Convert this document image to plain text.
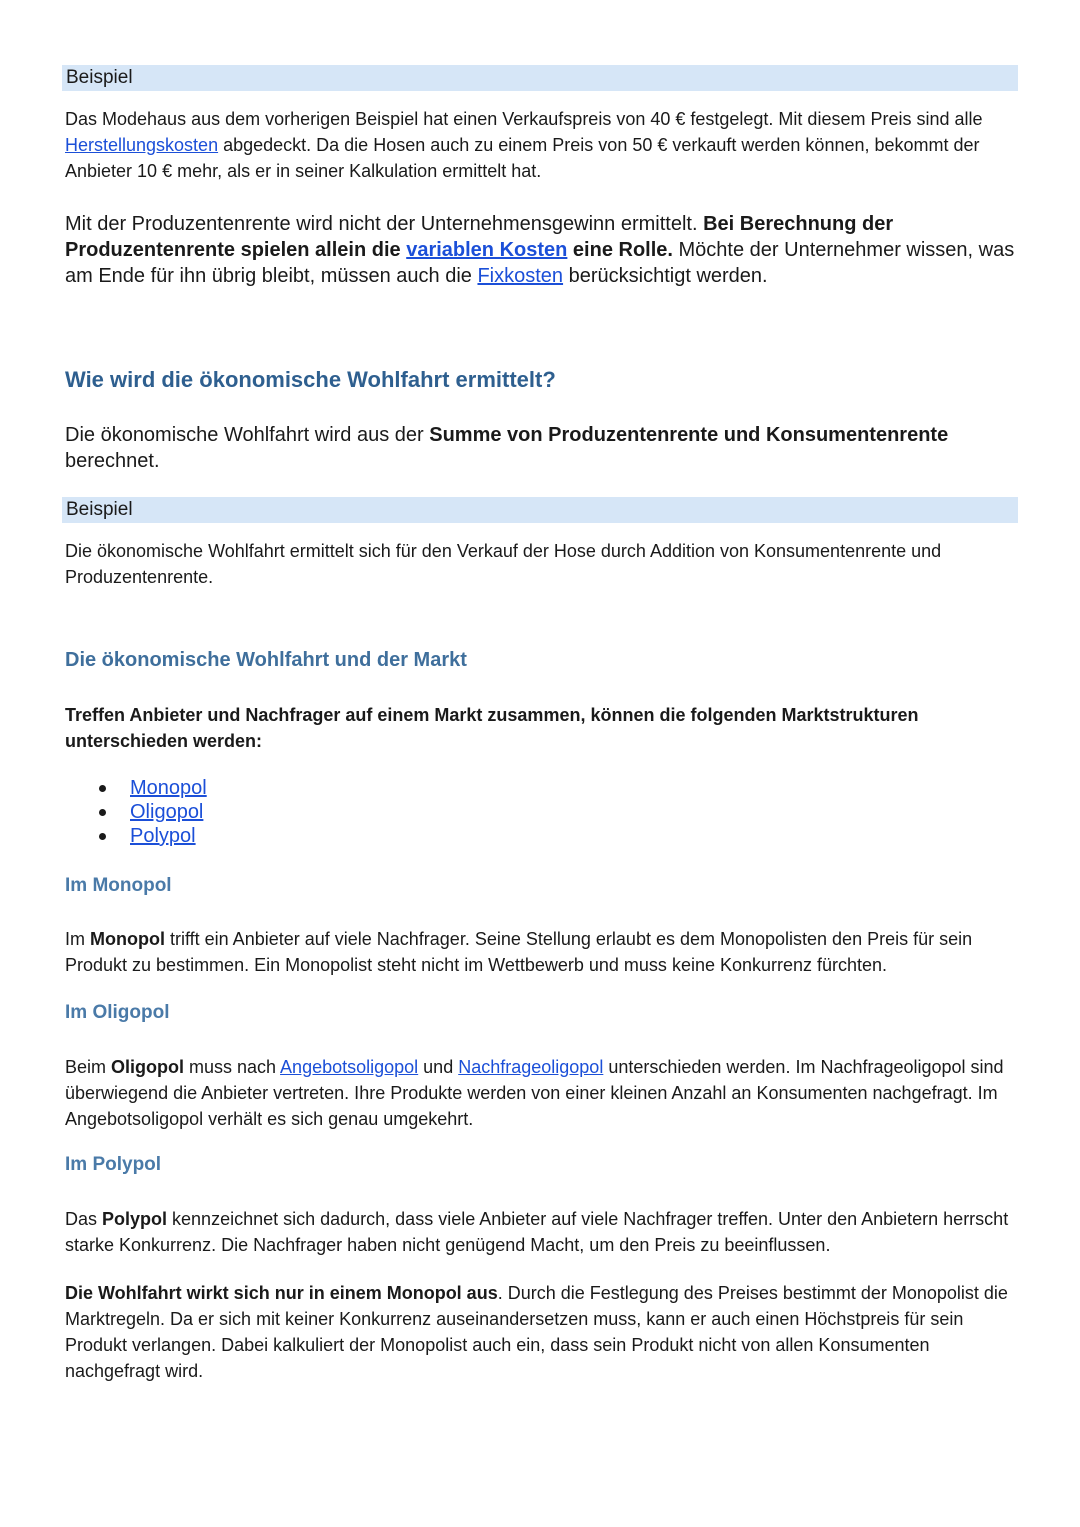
Beispiel

Das Modehaus aus dem vorherigen Beispiel hat einen Verkaufspreis von 40 € festgelegt. Mit diesem Preis sind alle Herstellungskosten abgedeckt. Da die Hosen auch zu einem Preis von 50 € verkauft werden können, bekommt der Anbieter 10 € mehr, als er in seiner Kalkulation ermittelt hat.

Mit der Produzentenrente wird nicht der Unternehmensgewinn ermittelt. Bei Berechnung der Produzentenrente spielen allein die variablen Kosten eine Rolle. Möchte der Unternehmer wissen, was am Ende für ihn übrig bleibt, müssen auch die Fixkosten berücksichtigt werden.

Wie wird die ökonomische Wohlfahrt ermittelt?

Die ökonomische Wohlfahrt wird aus der Summe von Produzentenrente und Konsumentenrente berechnet.

Beispiel

Die ökonomische Wohlfahrt ermittelt sich für den Verkauf der Hose durch Addition von Konsumentenrente und Produzentenrente.

Die ökonomische Wohlfahrt und der Markt

Treffen Anbieter und Nachfrager auf einem Markt zusammen, können die folgenden Marktstrukturen unterschieden werden:

Monopol
Oligopol
Polypol
Im Monopol

Im Monopol trifft ein Anbieter auf viele Nachfrager. Seine Stellung erlaubt es dem Monopolisten den Preis für sein Produkt zu bestimmen. Ein Monopolist steht nicht im Wettbewerb und muss keine Konkurrenz fürchten.

Im Oligopol

Beim Oligopol muss nach Angebotsoligopol und Nachfrageoligopol unterschieden werden. Im Nachfrageoligopol sind überwiegend die Anbieter vertreten. Ihre Produkte werden von einer kleinen Anzahl an Konsumenten nachgefragt. Im Angebotsoligopol verhält es sich genau umgekehrt.

Im Polypol

Das Polypol kennzeichnet sich dadurch, dass viele Anbieter auf viele Nachfrager treffen. Unter den Anbietern herrscht starke Konkurrenz. Die Nachfrager haben nicht genügend Macht, um den Preis zu beeinflussen.

Die Wohlfahrt wirkt sich nur in einem Monopol aus. Durch die Festlegung des Preises bestimmt der Monopolist die Marktregeln. Da er sich mit keiner Konkurrenz auseinandersetzen muss, kann er auch einen Höchstpreis für sein Produkt verlangen. Dabei kalkuliert der Monopolist auch ein, dass sein Produkt nicht von allen Konsumenten nachgefragt wird.
